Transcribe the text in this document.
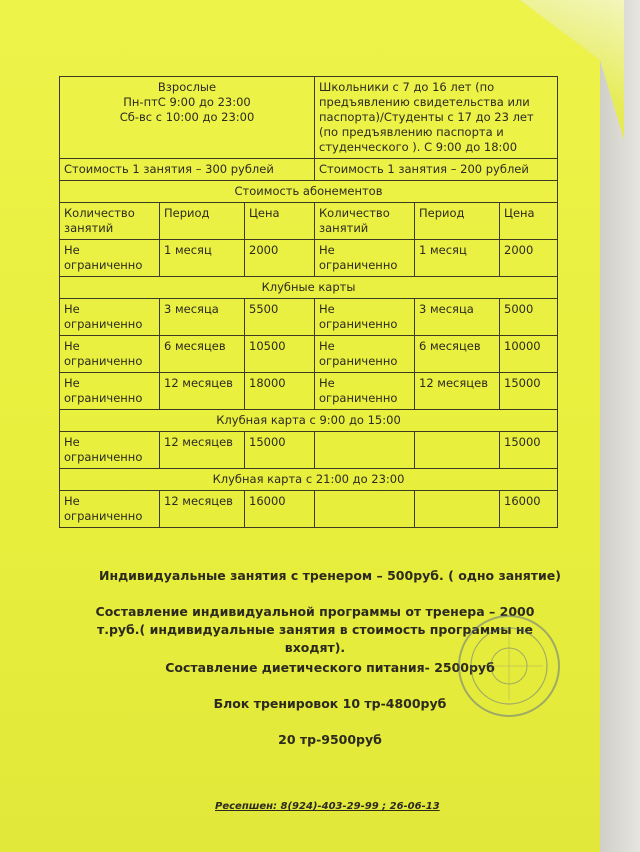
Взрослые
Пн-птС 9:00 до 23:00
Сб-вс с 10:00 до 23:00			Школьники с 7 до 16 лет (по предъявлению свидетельства или паспорта)/Студенты с 17 до 23 лет (по предъявлению паспорта и студенческого ). С 9:00 до 18:00		
Стоимость 1 занятия – 300 рублей			Стоимость 1 занятия – 200 рублей		
Стоимость абонементов					
Количество занятий	Период	Цена	Количество занятий	Период	Цена
Не ограниченно	1 месяц	2000	Не ограниченно	1 месяц	2000
Клубные карты					
Не ограниченно	3 месяца	5500	Не ограниченно	3 месяца	5000
Не ограниченно	6 месяцев	10500	Не ограниченно	6 месяцев	10000
Не ограниченно	12 месяцев	18000	Не ограниченно	12 месяцев	15000
Клубная карта с 9:00 до 15:00					
Не ограниченно	12 месяцев	15000			15000
Клубная карта с 21:00 до 23:00					
Не ограниченно	12 месяцев	16000			16000
Индивидуальные занятия с тренером – 500руб. ( одно занятие)
Составление индивидуальной программы от тренера – 2000 т.руб.( индивидуальные занятия в стоимость программы не входят).
Составление диетического питания- 2500руб
Блок тренировок 10 тр-4800руб
20 тр-9500руб
Ресепшен: 8(924)-403-29-99 ; 26-06-13
